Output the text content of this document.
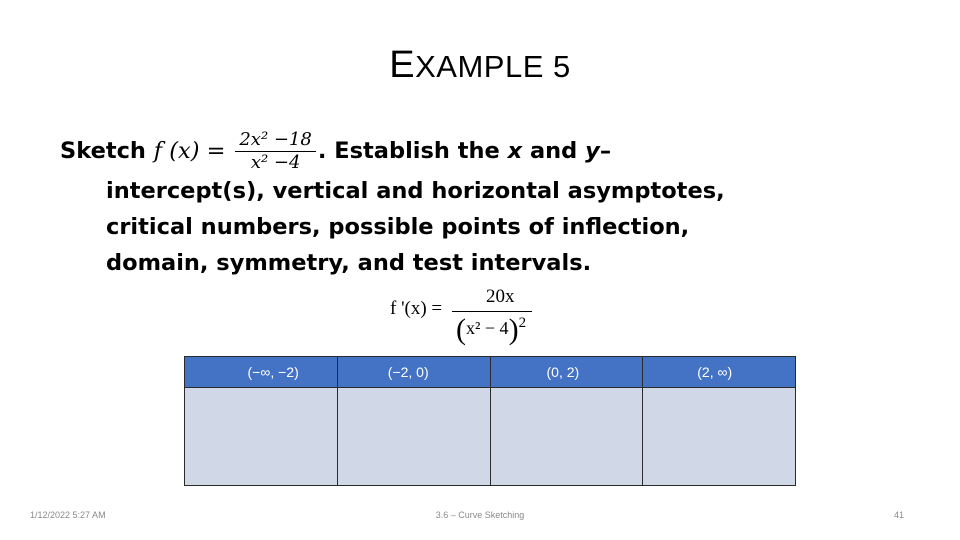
EXAMPLE 5
Sketch f $(x) = \frac{\text{2x² −18}}{\text{x² −4}}$ . Establish the x and y–
intercept(s), vertical and horizontal asymptotes,
critical numbers, possible points of inflection,
domain, symmetry, and test intervals.
f '(x) =
20x
$(x^2 - 4)^2$
(−∞, −2)	(−2, 0)	(0, 2)	(2, ∞)

1/12/2022 5:27 AM	3.6 – Curve Sketching	41
